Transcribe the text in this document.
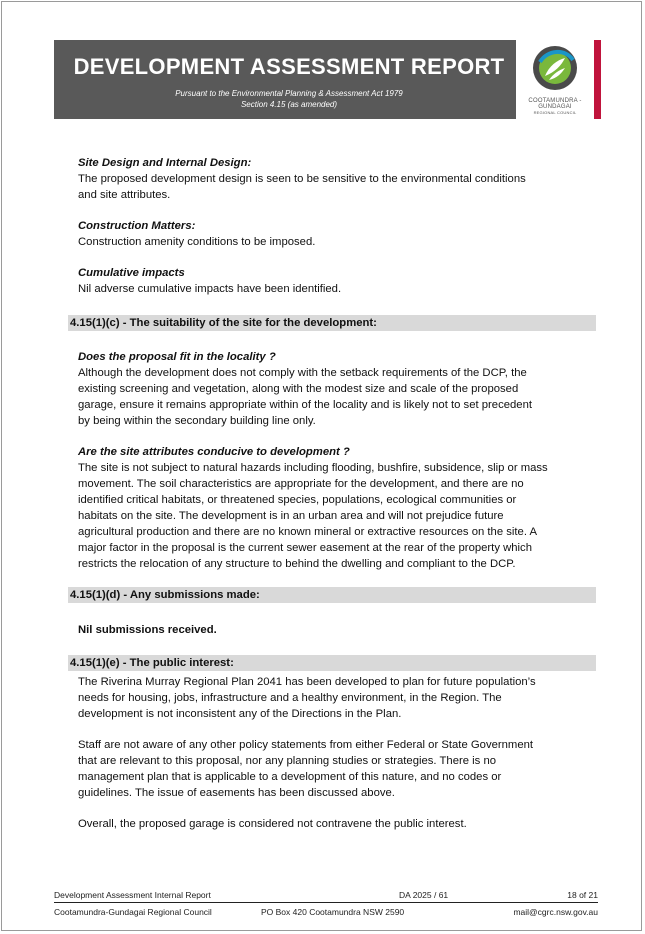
DEVELOPMENT ASSESSMENT REPORT
Pursuant to the Environmental Planning & Assessment Act 1979
Section 4.15 (as amended)	COOTAMUNDRA -
GUNDAGAI
REGIONAL COUNCIL
Site Design and Internal Design:
The proposed development design is seen to be sensitive to the environmental conditions
and site attributes.
Construction Matters:
Construction amenity conditions to be imposed.
Cumulative impacts
Nil adverse cumulative impacts have been identified.
4.15(1)(c) - The suitability of the site for the development:
Does the proposal fit in the locality ?
Although the development does not comply with the setback requirements of the DCP, the
existing screening and vegetation, along with the modest size and scale of the proposed
garage, ensure it remains appropriate within of the locality and is likely not to set precedent
by being within the secondary building line only.
Are the site attributes conducive to development ?
The site is not subject to natural hazards including flooding, bushfire, subsidence, slip or mass
movement. The soil characteristics are appropriate for the development, and there are no
identified critical habitats, or threatened species, populations, ecological communities or
habitats on the site. The development is in an urban area and will not prejudice future
agricultural production and there are no known mineral or extractive resources on the site. A
major factor in the proposal is the current sewer easement at the rear of the property which
restricts the relocation of any structure to behind the dwelling and compliant to the DCP.
4.15(1)(d) - Any submissions made:
Nil submissions received.
4.15(1)(e) - The public interest:
The Riverina Murray Regional Plan 2041 has been developed to plan for future population’s
needs for housing, jobs, infrastructure and a healthy environment, in the Region. The
development is not inconsistent any of the Directions in the Plan.
Staff are not aware of any other policy statements from either Federal or State Government
that are relevant to this proposal, nor any planning studies or strategies. There is no
management plan that is applicable to a development of this nature, and no codes or
guidelines. The issue of easements has been discussed above.
Overall, the proposed garage is considered not contravene the public interest.
Development Assessment Internal Report	DA 2025 / 61	18 of 21
Cootamundra-Gundagai Regional Council	PO Box 420 Cootamundra NSW 2590	mail@cgrc.nsw.gov.au
